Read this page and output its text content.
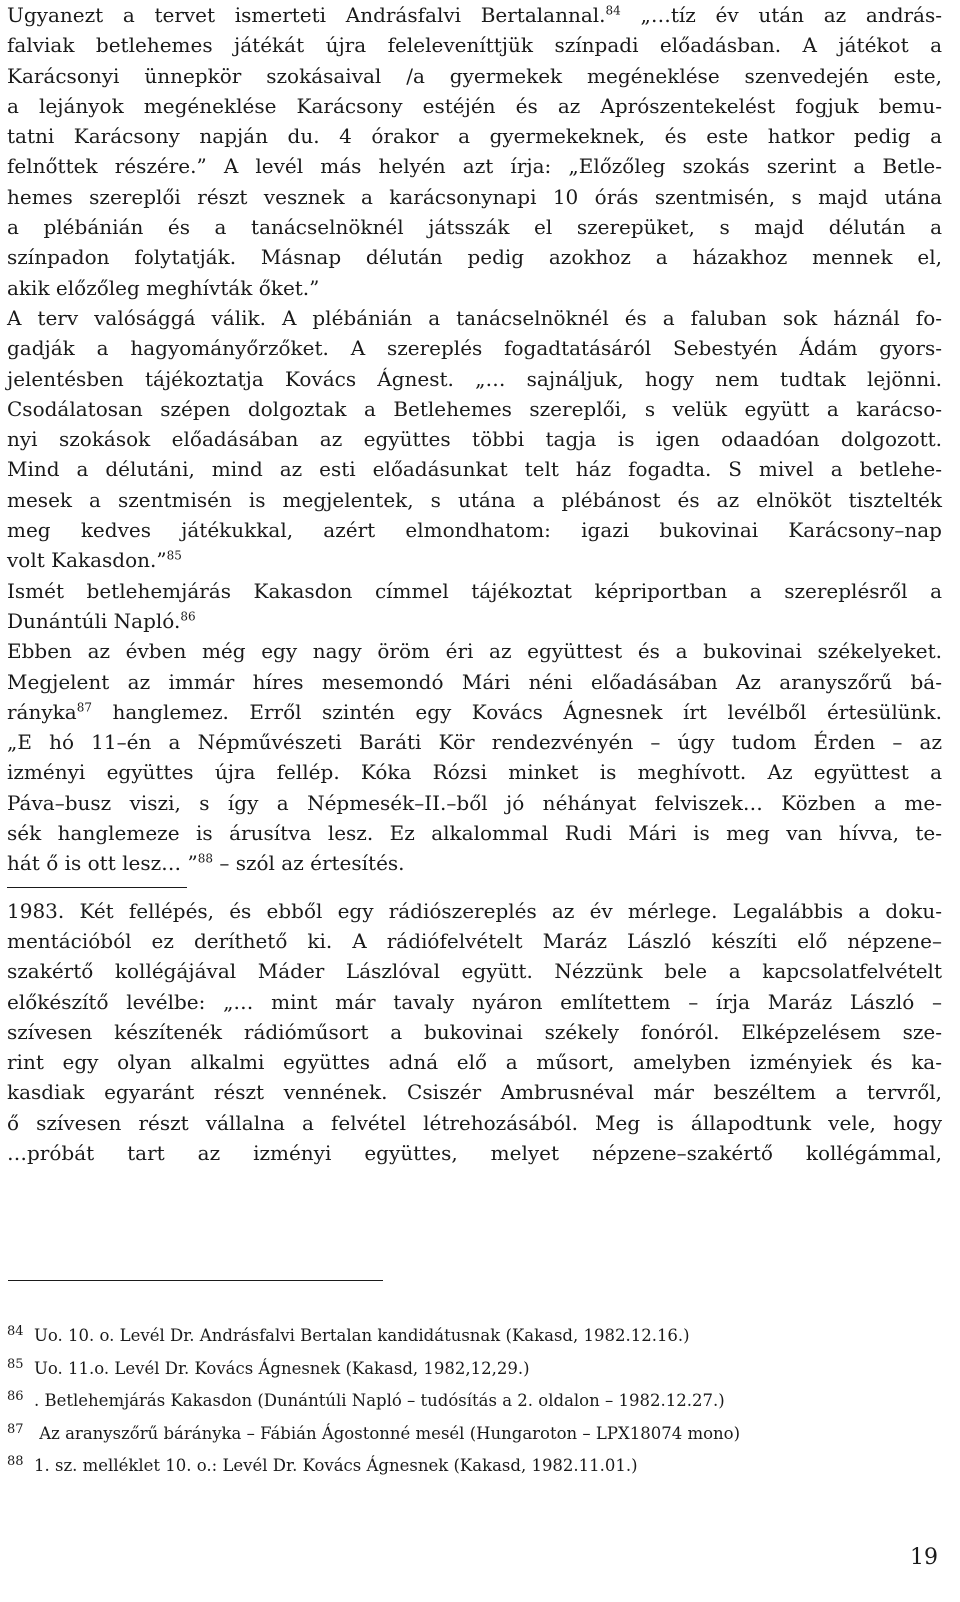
Ugyanezt a tervet ismerteti Andrásfalvi Bertalannal.$^{84}$ „…tíz év után az andrás-
falviak betlehemes játékát újra feleleveníttjük színpadi előadásban. A játékot a
Karácsonyi ünnepkör szokásaival /a gyermekek megéneklése szenvedején este,
a lejányok megéneklése Karácsony estéjén és az Aprószentekelést fogjuk bemu-
tatni Karácsony napján du. 4 órakor a gyermekeknek, és este hatkor pedig a
felnőttek részére.” A levél más helyén azt írja: „Előzőleg szokás szerint a Betle-
hemes szereplői részt vesznek a karácsonynapi 10 órás szentmisén, s majd utána
a plébánián és a tanácselnöknél játsszák el szerepüket, s majd délután a
színpadon folytatják. Másnap délután pedig azokhoz a házakhoz mennek el,
akik előzőleg meghívták őket.”
A terv valósággá válik. A plébánián a tanácselnöknél és a faluban sok háznál fo-
gadják a hagyományőrzőket. A szereplés fogadtatásáról Sebestyén Ádám gyors-
jelentésben tájékoztatja Kovács Ágnest. „… sajnáljuk, hogy nem tudtak lejönni.
Csodálatosan szépen dolgoztak a Betlehemes szereplői, s velük együtt a karácso-
nyi szokások előadásában az együttes többi tagja is igen odaadóan dolgozott.
Mind a délutáni, mind az esti előadásunkat telt ház fogadta. S mivel a betlehe-
mesek a szentmisén is megjelentek, s utána a plébánost és az elnököt tisztelték
meg kedves játékukkal, azért elmondhatom: igazi bukovinai Karácsony–nap
volt Kakasdon.”$^{85}$
Ismét betlehemjárás Kakasdon címmel tájékoztat képriportban a szereplésről a
Dunántúli Napló.$^{86}$
Ebben az évben még egy nagy öröm éri az együttest és a bukovinai székelyeket.
Megjelent az immár híres mesemondó Mári néni előadásában Az aranyszőrű bá-
rányka$^{87}$ hanglemez. Erről szintén egy Kovács Ágnesnek írt levélből értesülünk.
„E hó 11–én a Népművészeti Baráti Kör rendezvényén – úgy tudom Érden – az
izményi együttes újra fellép. Kóka Rózsi minket is meghívott. Az együttest a
Páva–busz viszi, s így a Népmesék–II.–ből jó néhányat felviszek… Közben a me-
sék hanglemeze is árusítva lesz. Ez alkalommal Rudi Mári is meg van hívva, te-
hát ő is ott lesz… ”$^{88}$ – szól az értesítés.
1983. Két fellépés, és ebből egy rádiószereplés az év mérlege. Legalábbis a doku-
mentációból ez deríthető ki. A rádiófelvételt Maráz László készíti elő népzene–
szakértő kollégájával Máder Lászlóval együtt. Nézzünk bele a kapcsolatfelvételt
előkészítő levélbe: „… mint már tavaly nyáron említettem – írja Maráz László –
szívesen készítenék rádióműsort a bukovinai székely fonóról. Elképzelésem sze-
rint egy olyan alkalmi együttes adná elő a műsort, amelyben izményiek és ka-
kasdiak egyaránt részt vennének. Csiszér Ambrusnéval már beszéltem a tervről,
ő szívesen részt vállalna a felvétel létrehozásából. Meg is állapodtunk vele, hogy
…próbát tart az izményi együttes, melyet népzene–szakértő kollégámmal,
84 Uo. 10. o. Levél Dr. Andrásfalvi Bertalan kandidátusnak (Kakasd, 1982.12.16.)
85 Uo. 11.o. Levél Dr. Kovács Ágnesnek (Kakasd, 1982,12,29.)
86 . Betlehemjárás Kakasdon (Dunántúli Napló – tudósítás a 2. oldalon – 1982.12.27.)
87 Az aranyszőrű bárányka – Fábián Ágostonné mesél (Hungaroton – LPX18074 mono)
88 1. sz. melléklet 10. o.: Levél Dr. Kovács Ágnesnek (Kakasd, 1982.11.01.)
19
